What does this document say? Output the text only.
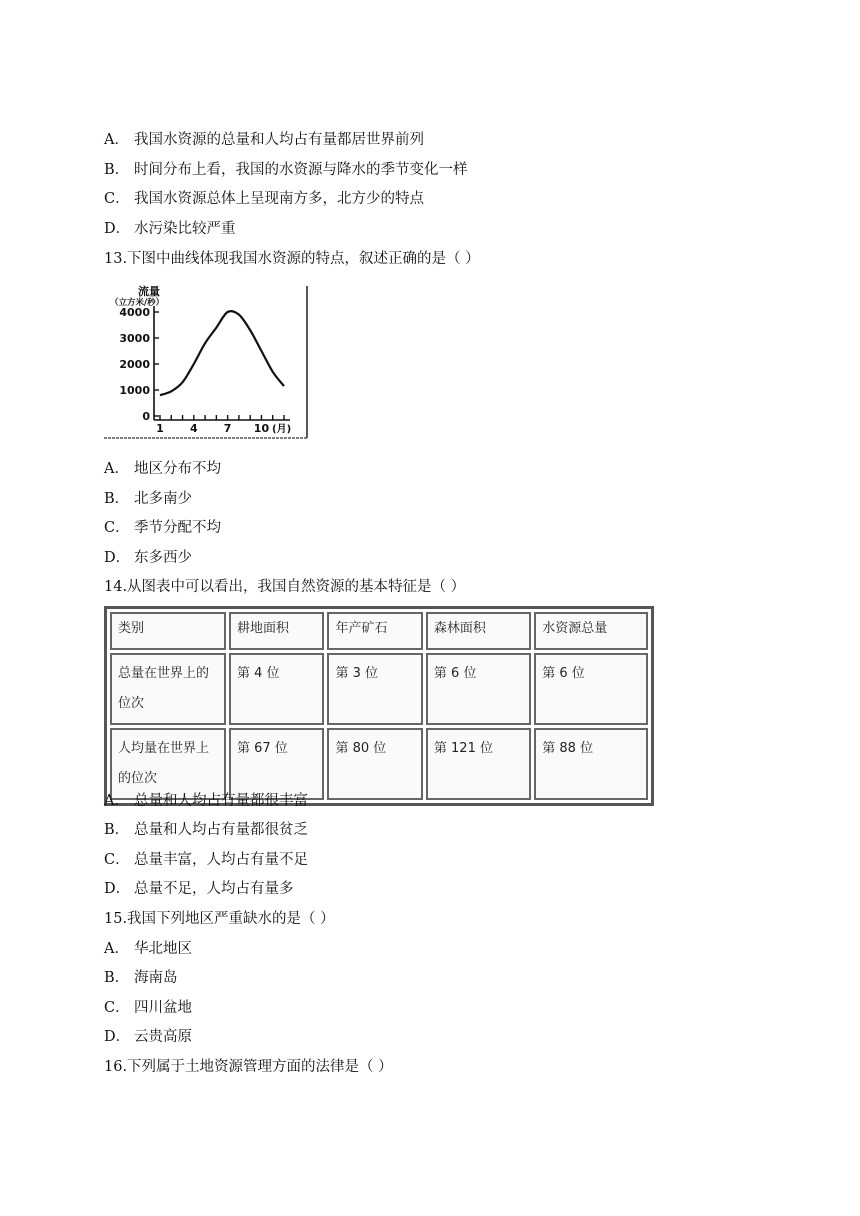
A． 我国水资源的总量和人均占有量都居世界前列
B． 时间分布上看，我国的水资源与降水的季节变化一样
C． 我国水资源总体上呈现南方多，北方少的特点
D． 水污染比较严重
13.下图中曲线体现我国水资源的特点，叙述正确的是（ ）
流量
（立方米/秒）
(月)
0
1000
2000
3000
4000
1 4 7 10
A． 地区分布不均
B． 北多南少
C． 季节分配不均
D． 东多西少
14.从图表中可以看出，我国自然资源的基本特征是（ ）
类别	耕地面积	年产矿石	森林面积	水资源总量
总量在世界上的位次	第 4 位	第 3 位	第 6 位	第 6 位
人均量在世界上的位次	第 67 位	第 80 位	第 121 位	第 88 位
A． 总量和人均占有量都很丰富
B． 总量和人均占有量都很贫乏
C． 总量丰富，人均占有量不足
D． 总量不足，人均占有量多
15.我国下列地区严重缺水的是（ ）
A． 华北地区
B． 海南岛
C． 四川盆地
D． 云贵高原
16.下列属于土地资源管理方面的法律是（ ）
